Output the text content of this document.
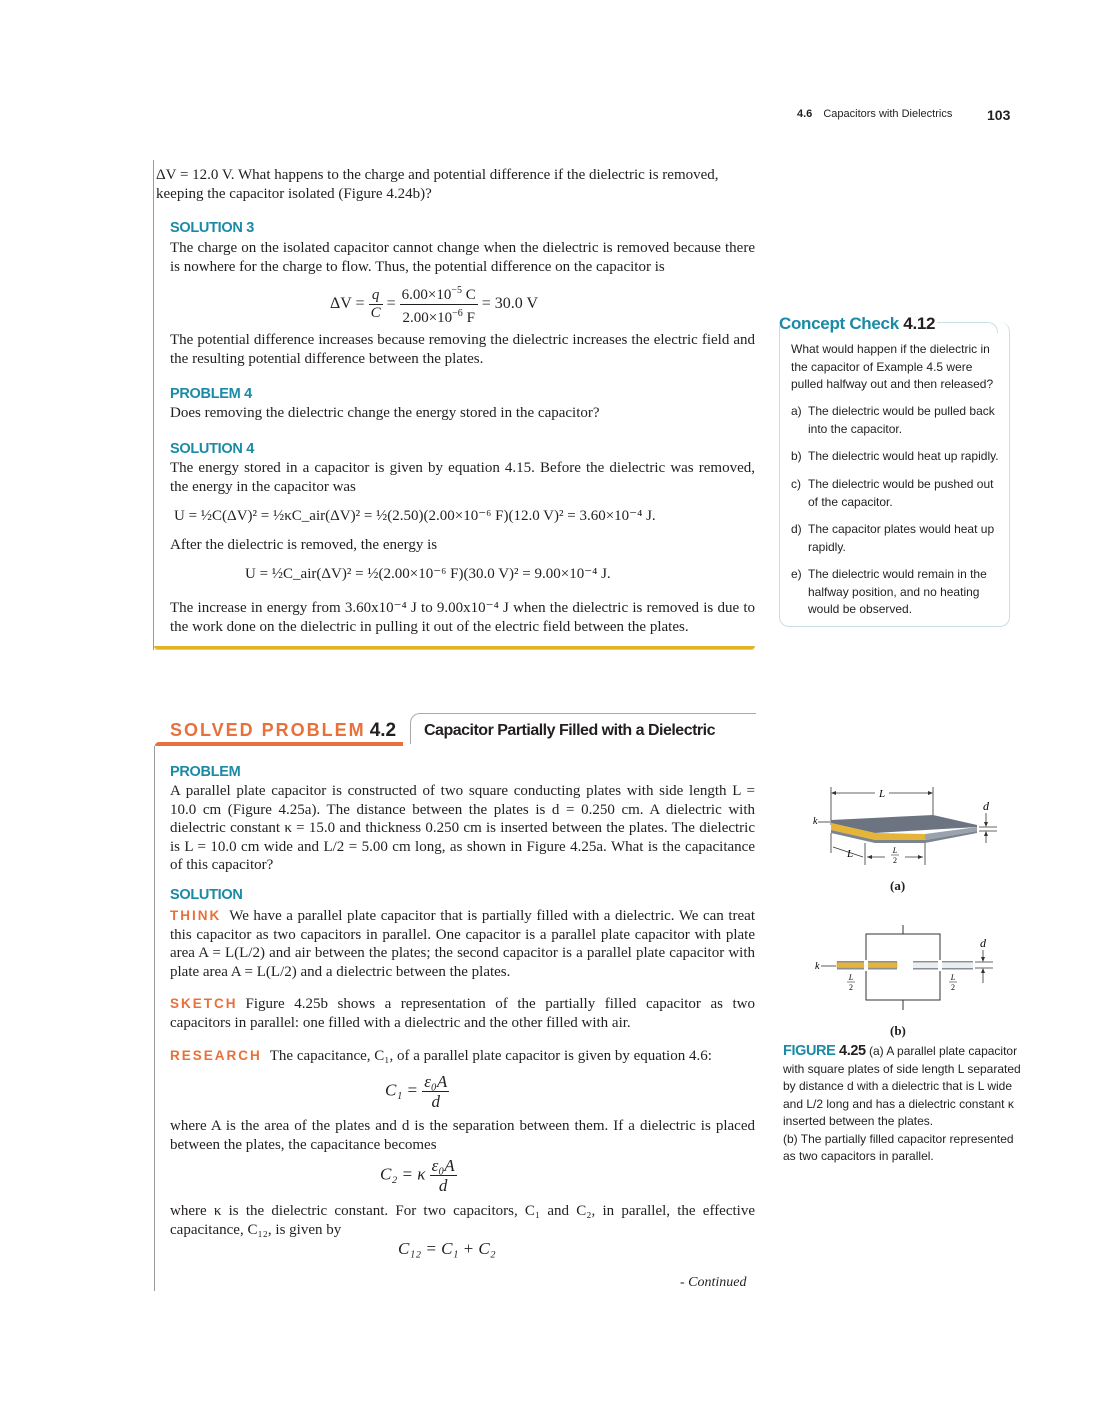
4.6 Capacitors with Dielectrics 103
ΔV = 12.0 V. What happens to the charge and potential difference if the dielectric is removed,
keeping the capacitor isolated (Figure 4.24b)?
SOLUTION 3
The charge on the isolated capacitor cannot change when the dielectric is removed because there is nowhere for the charge to flow. Thus, the potential difference on the capacitor is
$\Delta V = \frac{q}{C} = \frac{6.00\times 10^{-5} C}{2.00\times 10^{-6} F} = 30.0$ V
The potential difference increases because removing the dielectric increases the electric field and the resulting potential difference between the plates.
PROBLEM 4
Does removing the dielectric change the energy stored in the capacitor?
SOLUTION 4
The energy stored in a capacitor is given by equation 4.15. Before the dielectric was removed, the energy in the capacitor was
U = ½C(ΔV)² = ½κC_air(ΔV)² = ½(2.50)(2.00×10⁻⁶ F)(12.0 V)² = 3.60×10⁻⁴ J.
After the dielectric is removed, the energy is
U = ½C_air(ΔV)² = ½(2.00×10⁻⁶ F)(30.0 V)² = 9.00×10⁻⁴ J.
The increase in energy from 3.60x10⁻⁴ J to 9.00x10⁻⁴ J when the dielectric is removed is due to the work done on the dielectric in pulling it out of the electric field between the plates.
Concept Check 4.12
What would happen if the dielectric in the capacitor of Example 4.5 were pulled halfway out and then released?
a) The dielectric would be pulled back into the capacitor.
b) The dielectric would heat up rapidly.
c) The dielectric would be pushed out of the capacitor.
d) The capacitor plates would heat up rapidly.
e) The dielectric would remain in the halfway position, and no heating would be observed.
SOLVED PROBLEM 4.2 Capacitor Partially Filled with a Dielectric
PROBLEM
A parallel plate capacitor is constructed of two square conducting plates with side length L = 10.0 cm (Figure 4.25a). The distance between the plates is d = 0.250 cm. A dielectric with dielectric constant κ = 15.0 and thickness 0.250 cm is inserted between the plates. The dielectric is L = 10.0 cm wide and L/2 = 5.00 cm long, as shown in Figure 4.25a. What is the capacitance of this capacitor?
SOLUTION
THINK We have a parallel plate capacitor that is partially filled with a dielectric. We can treat this capacitor as two capacitors in parallel. One capacitor is a parallel plate capacitor with plate area A = L(L/2) and air between the plates; the second capacitor is a parallel plate capacitor with plate area A = L(L/2) and a dielectric between the plates.
SKETCH Figure 4.25b shows a representation of the partially filled capacitor as two capacitors in parallel: one filled with a dielectric and the other filled with air.
RESEARCH The capacitance, C₁, of a parallel plate capacitor is given by equation 4.6:
$C_1 = \frac{\text{ε₀A}}{d}$
where A is the area of the plates and d is the separation between them. If a dielectric is placed between the plates, the capacitance becomes
C₂ = κ $\frac{\text{ε₀A}}{d}$
where κ is the dielectric constant. For two capacitors, C₁ and C₂, in parallel, the effective capacitance, C₁₂, is given by
C₁₂ = C₁ + C₂
- Continued
L
k
d
L	L
2
(a)
k
L
2
L
2
d
(b)
FIGURE 4.25 (a) A parallel plate capacitor with square plates of side length L separated by distance d with a dielectric that is L wide and L/2 long and has a dielectric constant κ inserted between the plates.
(b) The partially filled capacitor represented as two capacitors in parallel.
